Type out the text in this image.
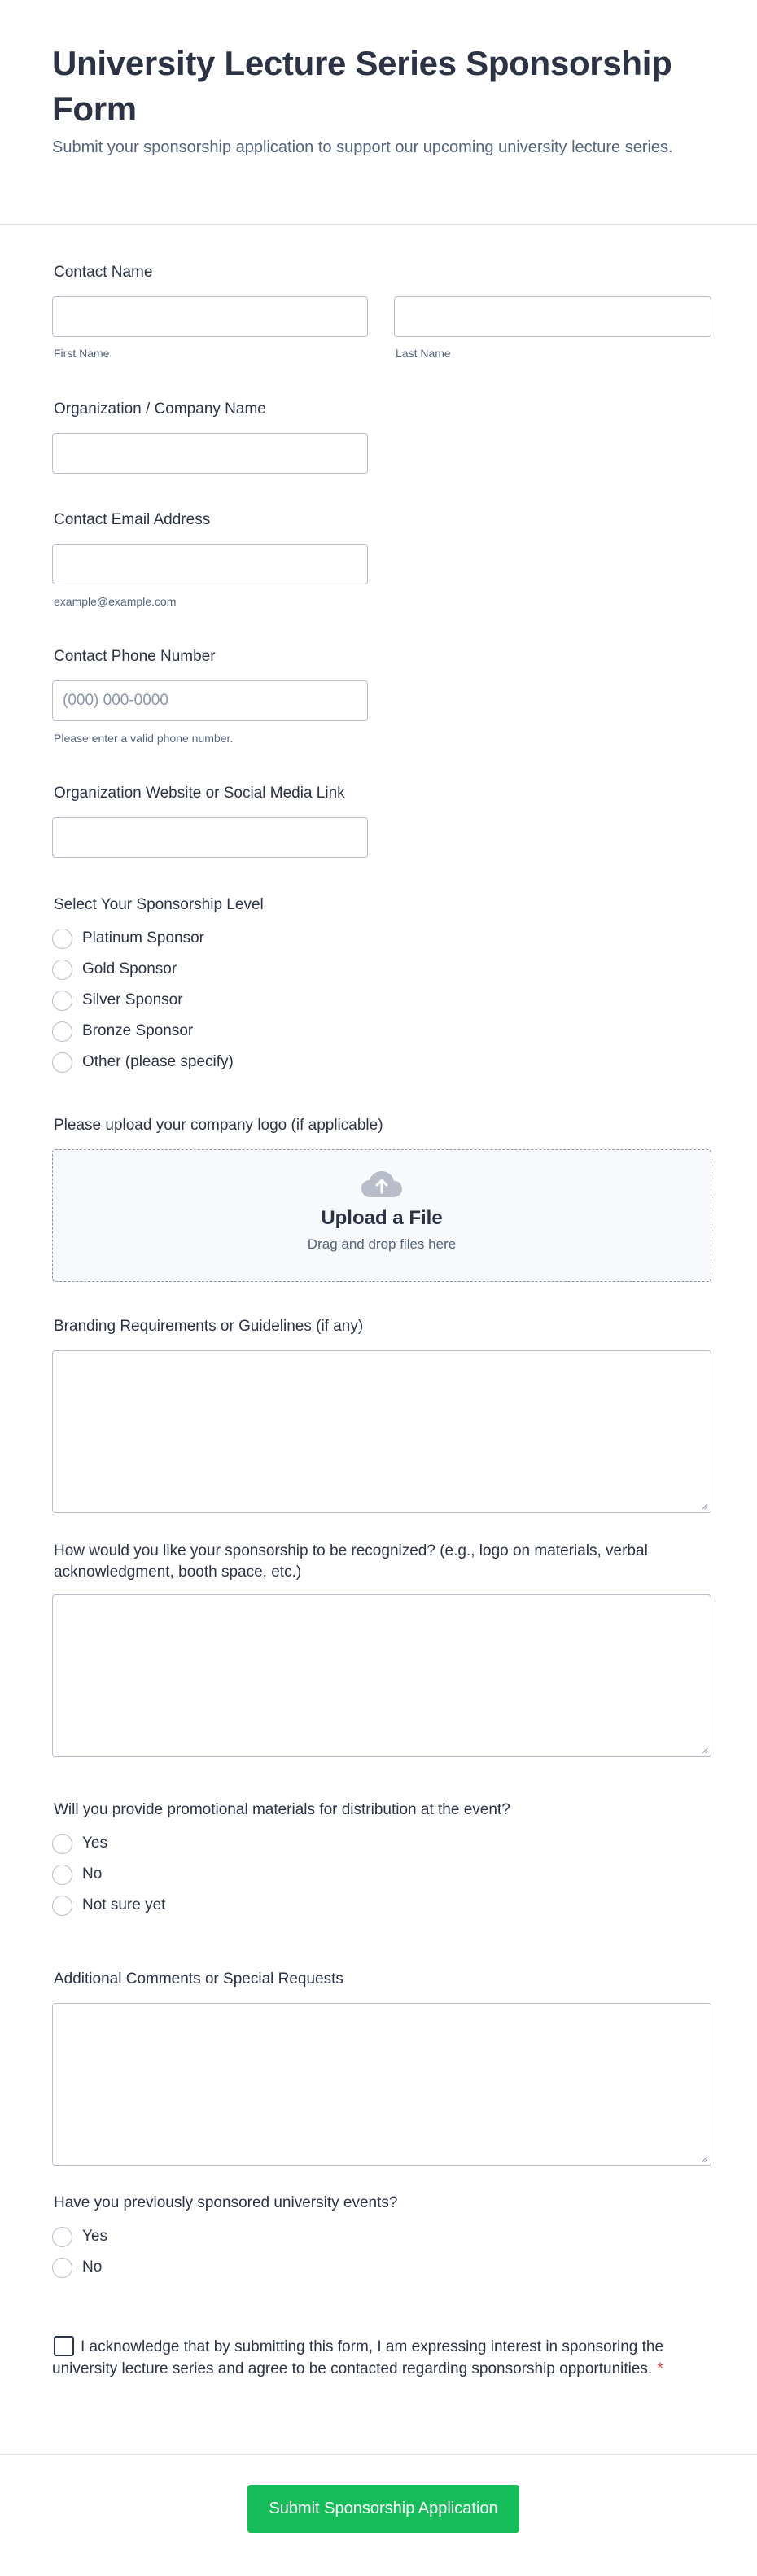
University Lecture Series Sponsorship Form

Submit your sponsorship application to support our upcoming university lecture series.

Contact Name
First Name	Last Name
Organization / Company Name
Contact Email Address
example@example.com
Contact Phone Number
(000) 000-0000
Please enter a valid phone number.
Organization Website or Social Media Link
Select Your Sponsorship Level
Platinum Sponsor
Gold Sponsor
Silver Sponsor
Bronze Sponsor
Other (please specify)
Please upload your company logo (if applicable)
Upload a File
Drag and drop files here
Branding Requirements or Guidelines (if any)
How would you like your sponsorship to be recognized? (e.g., logo on materials, verbal acknowledgment, booth space, etc.)
Will you provide promotional materials for distribution at the event?
Yes
No
Not sure yet
Additional Comments or Special Requests
Have you previously sponsored university events?
Yes
No
I acknowledge that by submitting this form, I am expressing interest in sponsoring the university lecture series and agree to be contacted regarding sponsorship opportunities. *
Submit Sponsorship Application
